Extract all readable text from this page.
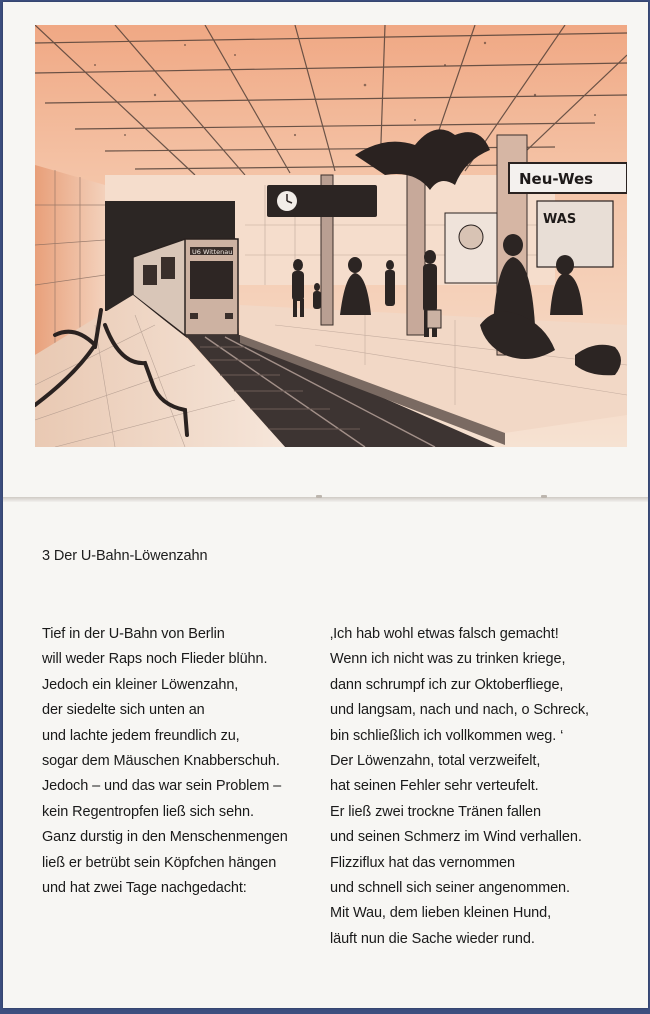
Neu-Wes
WAS
U6 Wittenau
3 Der U-Bahn-Löwenzahn
Tief in der U-Bahn von Berlin
will weder Raps noch Flieder blühn.
Jedoch ein kleiner Löwenzahn,
der siedelte sich unten an
und lachte jedem freundlich zu,
sogar dem Mäuschen Knabberschuh.
Jedoch – und das war sein Problem –
kein Regentropfen ließ sich sehn.
Ganz durstig in den Menschenmengen
ließ er betrübt sein Köpfchen hängen
und hat zwei Tage nachgedacht:
‚Ich hab wohl etwas falsch gemacht!
Wenn ich nicht was zu trinken kriege,
dann schrumpf ich zur Oktoberfliege,
und langsam, nach und nach, o Schreck,
bin schließlich ich vollkommen weg. ‘
Der Löwenzahn, total verzweifelt,
hat seinen Fehler sehr verteufelt.
Er ließ zwei trockne Tränen fallen
und seinen Schmerz im Wind verhallen.
Flizziflux hat das vernommen
und schnell sich seiner angenommen.
Mit Wau, dem lieben kleinen Hund,
läuft nun die Sache wieder rund.
